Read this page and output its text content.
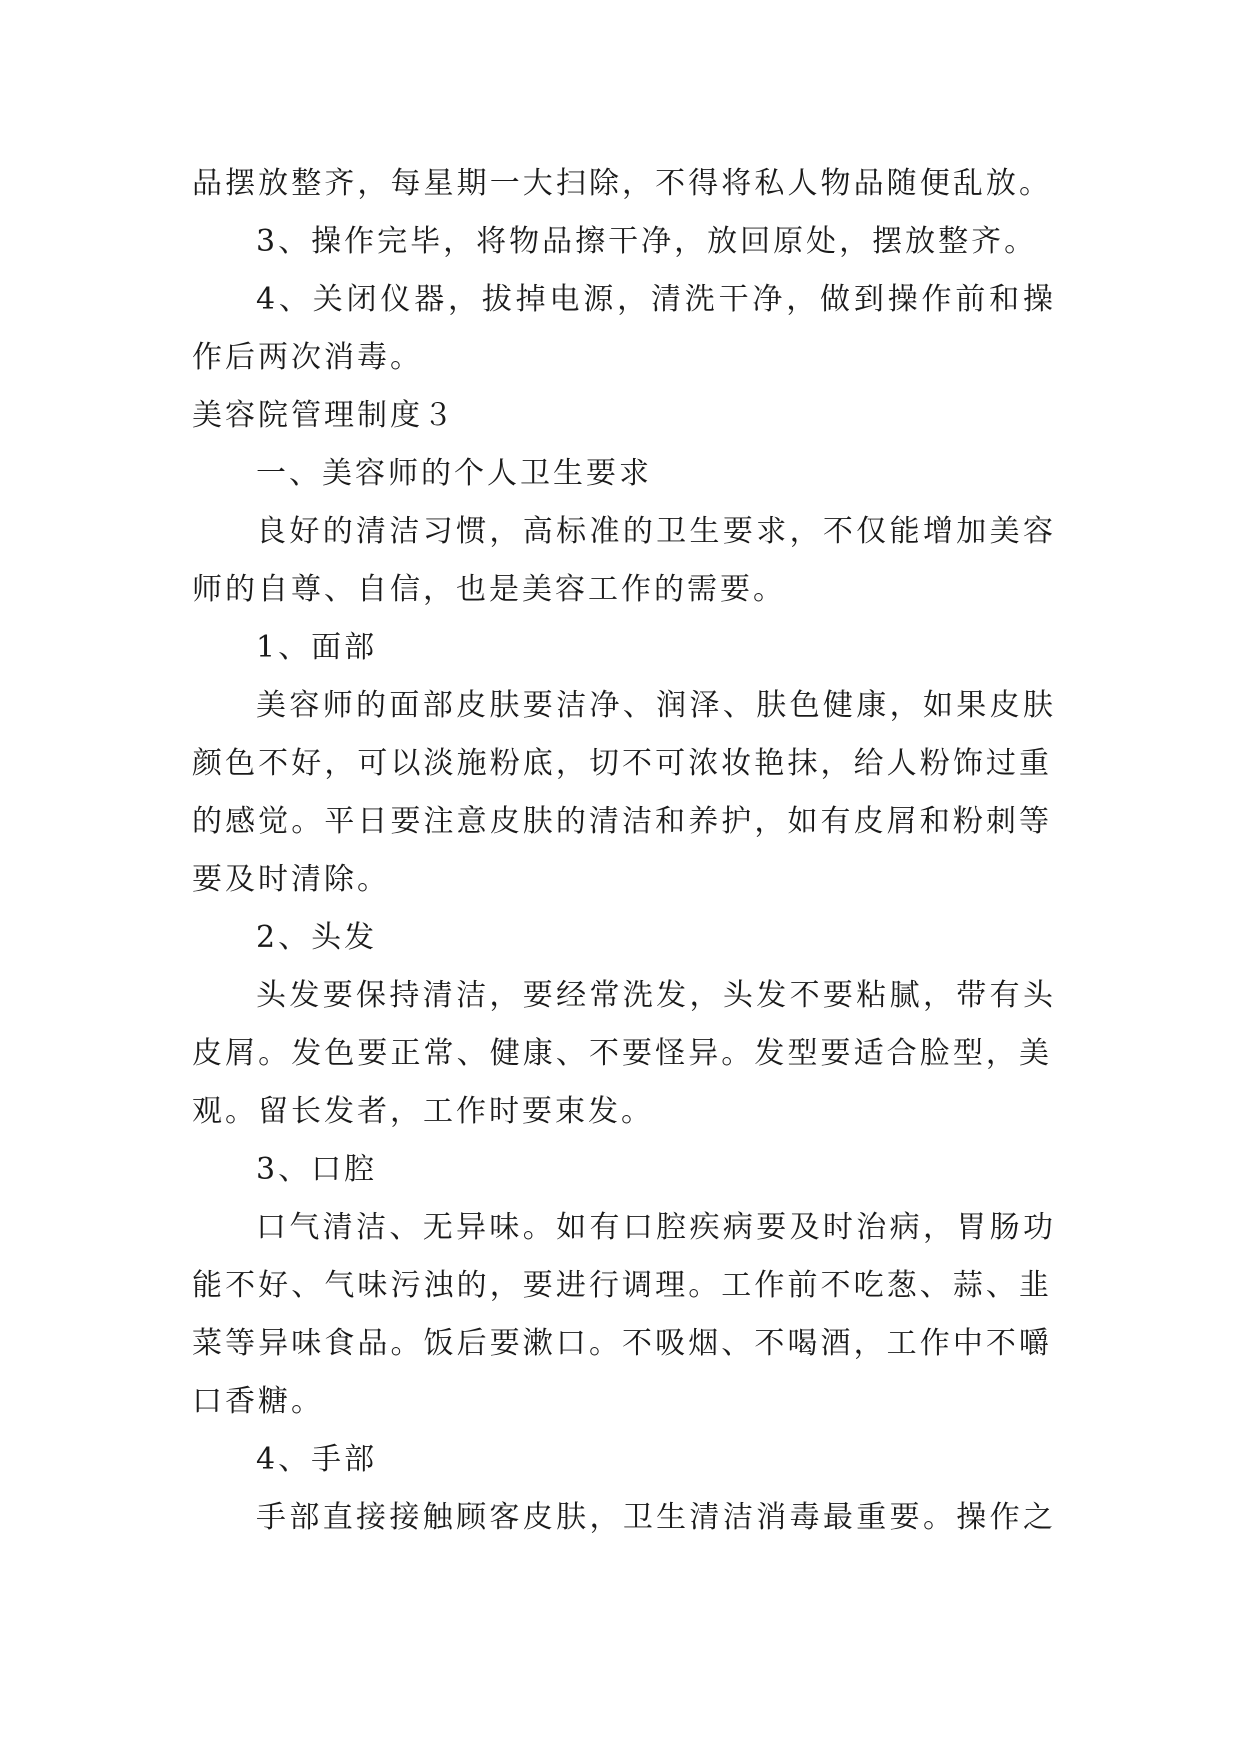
品摆放整齐，每星期一大扫除，不得将私人物品随便乱放。
3、操作完毕，将物品擦干净，放回原处，摆放整齐。
4、关闭仪器，拔掉电源，清洗干净，做到操作前和操
作后两次消毒。
美容院管理制度３
一、美容师的个人卫生要求
良好的清洁习惯，高标准的卫生要求，不仅能增加美容
师的自尊、自信，也是美容工作的需要。
1、面部
美容师的面部皮肤要洁净、润泽、肤色健康，如果皮肤
颜色不好，可以淡施粉底，切不可浓妆艳抹，给人粉饰过重
的感觉。平日要注意皮肤的清洁和养护，如有皮屑和粉刺等
要及时清除。
2、头发
头发要保持清洁，要经常洗发，头发不要粘腻，带有头
皮屑。发色要正常、健康、不要怪异。发型要适合脸型，美
观。留长发者，工作时要束发。
3、口腔
口气清洁、无异味。如有口腔疾病要及时治病，胃肠功
能不好、气味污浊的，要进行调理。工作前不吃葱、蒜、韭
菜等异味食品。饭后要漱口。不吸烟、不喝酒，工作中不嚼
口香糖。
4、手部
手部直接接触顾客皮肤，卫生清洁消毒最重要。操作之
